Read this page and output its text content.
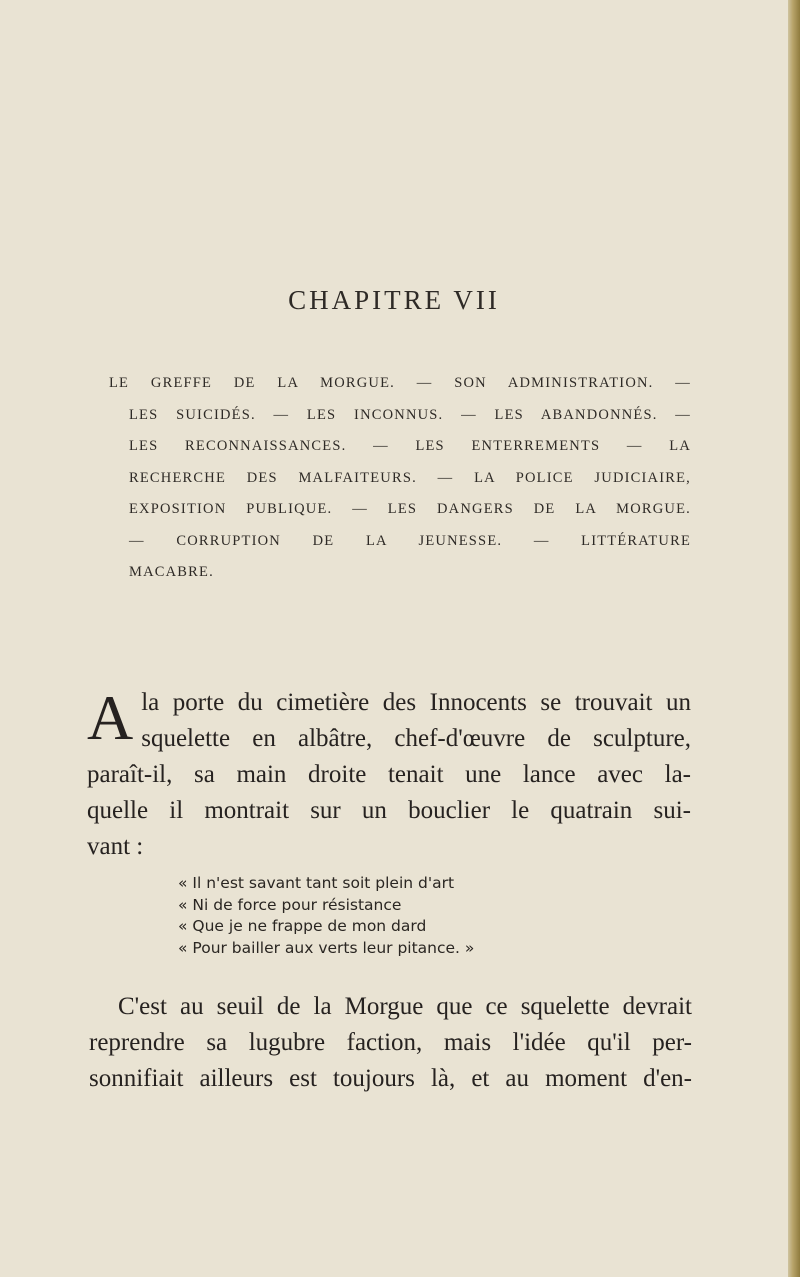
CHAPITRE VII
LE GREFFE DE LA MORGUE. — SON ADMINISTRATION. —
LES SUICIDÉS. — LES INCONNUS. — LES ABANDONNÉS. —
LES RECONNAISSANCES. — LES ENTERREMENTS — LA
RECHERCHE DES MALFAITEURS. — LA POLICE JUDICIAIRE,
EXPOSITION PUBLIQUE. — LES DANGERS DE LA MORGUE.
— CORRUPTION DE LA JEUNESSE. — LITTÉRATURE
MACABRE.
A la porte du cimetière des Innocents se trouvait un
squelette en albâtre, chef-d'œuvre de sculpture,
paraît-il, sa main droite tenait une lance avec la-
quelle il montrait sur un bouclier le quatrain sui-
vant :
« Il n'est savant tant soit plein d'art
« Ni de force pour résistance
« Que je ne frappe de mon dard
« Pour bailler aux verts leur pitance. »
C'est au seuil de la Morgue que ce squelette devrait
reprendre sa lugubre faction, mais l'idée qu'il per-
sonnifiait ailleurs est toujours là, et au moment d'en-
